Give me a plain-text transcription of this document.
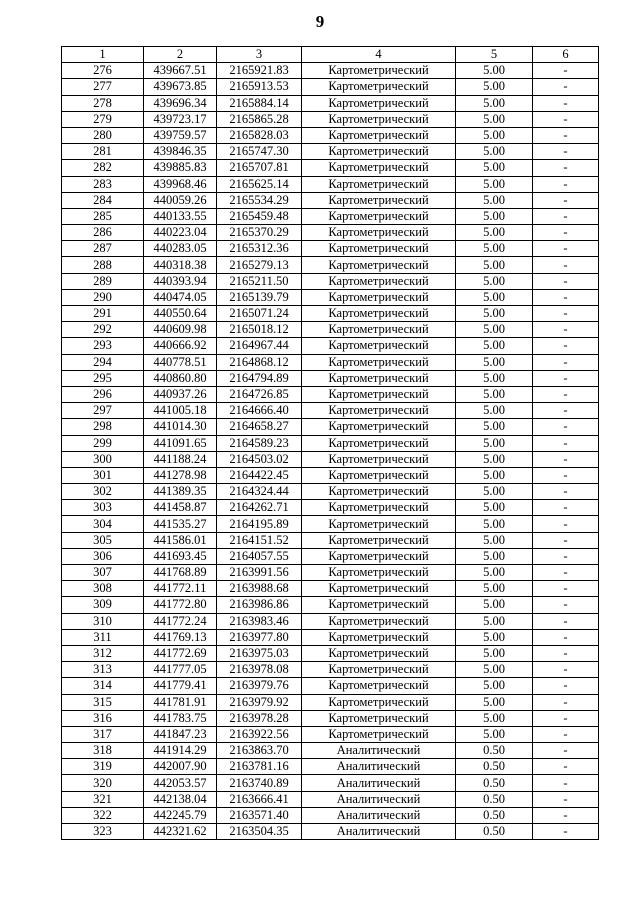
9
1	2	3	4	5	6
276	439667.51	2165921.83	Картометрический	5.00	-
277	439673.85	2165913.53	Картометрический	5.00	-
278	439696.34	2165884.14	Картометрический	5.00	-
279	439723.17	2165865.28	Картометрический	5.00	-
280	439759.57	2165828.03	Картометрический	5.00	-
281	439846.35	2165747.30	Картометрический	5.00	-
282	439885.83	2165707.81	Картометрический	5.00	-
283	439968.46	2165625.14	Картометрический	5.00	-
284	440059.26	2165534.29	Картометрический	5.00	-
285	440133.55	2165459.48	Картометрический	5.00	-
286	440223.04	2165370.29	Картометрический	5.00	-
287	440283.05	2165312.36	Картометрический	5.00	-
288	440318.38	2165279.13	Картометрический	5.00	-
289	440393.94	2165211.50	Картометрический	5.00	-
290	440474.05	2165139.79	Картометрический	5.00	-
291	440550.64	2165071.24	Картометрический	5.00	-
292	440609.98	2165018.12	Картометрический	5.00	-
293	440666.92	2164967.44	Картометрический	5.00	-
294	440778.51	2164868.12	Картометрический	5.00	-
295	440860.80	2164794.89	Картометрический	5.00	-
296	440937.26	2164726.85	Картометрический	5.00	-
297	441005.18	2164666.40	Картометрический	5.00	-
298	441014.30	2164658.27	Картометрический	5.00	-
299	441091.65	2164589.23	Картометрический	5.00	-
300	441188.24	2164503.02	Картометрический	5.00	-
301	441278.98	2164422.45	Картометрический	5.00	-
302	441389.35	2164324.44	Картометрический	5.00	-
303	441458.87	2164262.71	Картометрический	5.00	-
304	441535.27	2164195.89	Картометрический	5.00	-
305	441586.01	2164151.52	Картометрический	5.00	-
306	441693.45	2164057.55	Картометрический	5.00	-
307	441768.89	2163991.56	Картометрический	5.00	-
308	441772.11	2163988.68	Картометрический	5.00	-
309	441772.80	2163986.86	Картометрический	5.00	-
310	441772.24	2163983.46	Картометрический	5.00	-
311	441769.13	2163977.80	Картометрический	5.00	-
312	441772.69	2163975.03	Картометрический	5.00	-
313	441777.05	2163978.08	Картометрический	5.00	-
314	441779.41	2163979.76	Картометрический	5.00	-
315	441781.91	2163979.92	Картометрический	5.00	-
316	441783.75	2163978.28	Картометрический	5.00	-
317	441847.23	2163922.56	Картометрический	5.00	-
318	441914.29	2163863.70	Аналитический	0.50	-
319	442007.90	2163781.16	Аналитический	0.50	-
320	442053.57	2163740.89	Аналитический	0.50	-
321	442138.04	2163666.41	Аналитический	0.50	-
322	442245.79	2163571.40	Аналитический	0.50	-
323	442321.62	2163504.35	Аналитический	0.50	-
